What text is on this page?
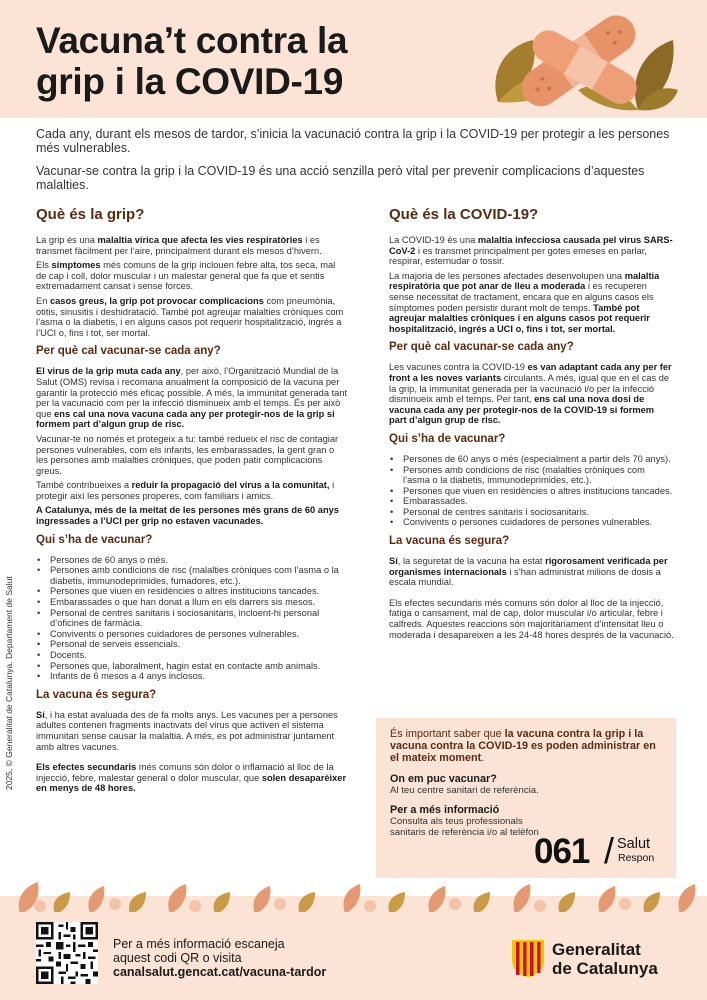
Vacuna’t contra la
grip i la COVID-19

Cada any, durant els mesos de tardor, s’inicia la vacunació contra la grip i la COVID-19 per protegir a les persones més vulnerables.

Vacunar-se contra la grip i la COVID-19 és una acció senzilla però vital per prevenir complicacions d’aquestes malalties.

Què és la grip?
La grip és una malaltia vírica que afecta les vies respiratòries i es transmet fàcilment per l’aire, principalment durant els mesos d’hivern.
Els símptomes més comuns de la grip inclouen febre alta, tos seca, mal de cap i coll, dolor muscular i un malestar general que fa que et sentis extremadament cansat i sense forces.
En casos greus, la grip pot provocar complicacions com pneumònia, otitis, sinusitis i deshidratació. També pot agreujar malalties cròniques com l’asma o la diabetis, i en alguns casos pot requerir hospitalització, ingrés a l’UCI o, fins i tot, ser mortal.
Per què cal vacunar-se cada any?
El virus de la grip muta cada any, per això, l’Organització Mundial de la Salut (OMS) revisa i recomana anualment la composició de la vacuna per garantir la protecció més eficaç possible. A més, la immunitat generada tant per la vacunació com per la infecció disminueix amb el temps. És per això que ens cal una nova vacuna cada any per protegir-nos de la grip si formem part d’algun grup de risc.
Vacunar-te no només et protegeix a tu: també redueix el risc de contagiar persones vulnerables, com els infants, les embarassades, la gent gran o les persones amb malalties cròniques, que poden patir complicacions greus.
També contribueixes a reduir la propagació del virus a la comunitat, i protegir així les persones properes, com familiars i amics.
A Catalunya, més de la meitat de les persones més grans de 60 anys ingressades a l’UCI per grip no estaven vacunades.
Qui s’ha de vacunar?
• Persones de 60 anys o més.
• Persones amb condicions de risc (malalties cròniques com l’asma o la diabetis, immunodeprimides, fumadores, etc.).
• Persones que viuen en residències o altres institucions tancades.
• Embarassades o que han donat a llum en els darrers sis mesos.
• Personal de centres sanitaris i sociosanitaris, incloent-hi personal d’oficines de farmàcia.
• Convivents o persones cuidadores de persones vulnerables.
• Personal de serveis essencials.
• Docents.
• Persones que, laboralment, hagin estat en contacte amb animals.
• Infants de 6 mesos a 4 anys inclosos.
La vacuna és segura?
Sí, i ha estat avaluada des de fa molts anys. Les vacunes per a persones adultes contenen fragments inactivats del virus que activen el sistema immunitari sense causar la malaltia. A més, es pot administrar juntament amb altres vacunes.
Els efectes secundaris més comuns són dolor o inflamació al lloc de la injecció, febre, malestar general o dolor muscular, que solen desaparèixer en menys de 48 hores.
Què és la COVID-19?
La COVID-19 és una malaltia infecciosa causada pel virus SARS-CoV-2 i es transmet principalment per gotes emeses en parlar, respirar, esternudar o tossir.
La majoria de les persones afectades desenvolupen una malaltia respiratòria que pot anar de lleu a moderada i es recuperen sense necessitat de tractament, encara que en alguns casos els símptomes poden persistir durant molt de temps. També pot agreujar malalties cròniques i en alguns casos pot requerir hospitalització, ingrés a UCI o, fins i tot, ser mortal.
Per què cal vacunar-se cada any?
Les vacunes contra la COVID-19 es van adaptant cada any per fer front a les noves variants circulants. A més, igual que en el cas de la grip, la immunitat generada per la vacunació i/o per la infecció disminueix amb el temps. Per tant, ens cal una nova dosi de vacuna cada any per protegir-nos de la COVID-19 si formem part d’algun grup de risc.
Qui s’ha de vacunar?
• Persones de 60 anys o més (especialment a partir dels 70 anys).
• Persones amb condicions de risc (malalties cròniques com l’asma o la diabetis, immunodeprimides, etc.).
• Persones que viuen en residències o altres institucions tancades.
• Embarassades.
• Personal de centres sanitaris i sociosanitaris.
• Convivents o persones cuidadores de persones vulnerables.
La vacuna és segura?
Sí, la seguretat de la vacuna ha estat rigorosament verificada per organismes internacionals i s’han administrat milions de dosis a escala mundial.
Els efectes secundaris més comuns són dolor al lloc de la injecció, fatiga o cansament, mal de cap, dolor muscular i/o articular, febre i calfreds. Aquestes reaccions són majoritàriament d’intensitat lleu o moderada i desapareixen a les 24-48 hores després de la vacunació.
2025, © Generalitat de Catalunya. Departament de Salut	És important saber que la vacuna contra la grip i la vacuna contra la COVID-19 es poden administrar en el mateix moment.
On em puc vacunar?
Al teu centre sanitari de referència.
Per a més informació
Consulta als teus professionals sanitaris de referència i/o al telèfon
061 / Salut
Respon
Per a més informació escaneja
aquest codi QR o visita
canalsalut.gencat.cat/vacuna-tardor
Generalitat
de Catalunya
